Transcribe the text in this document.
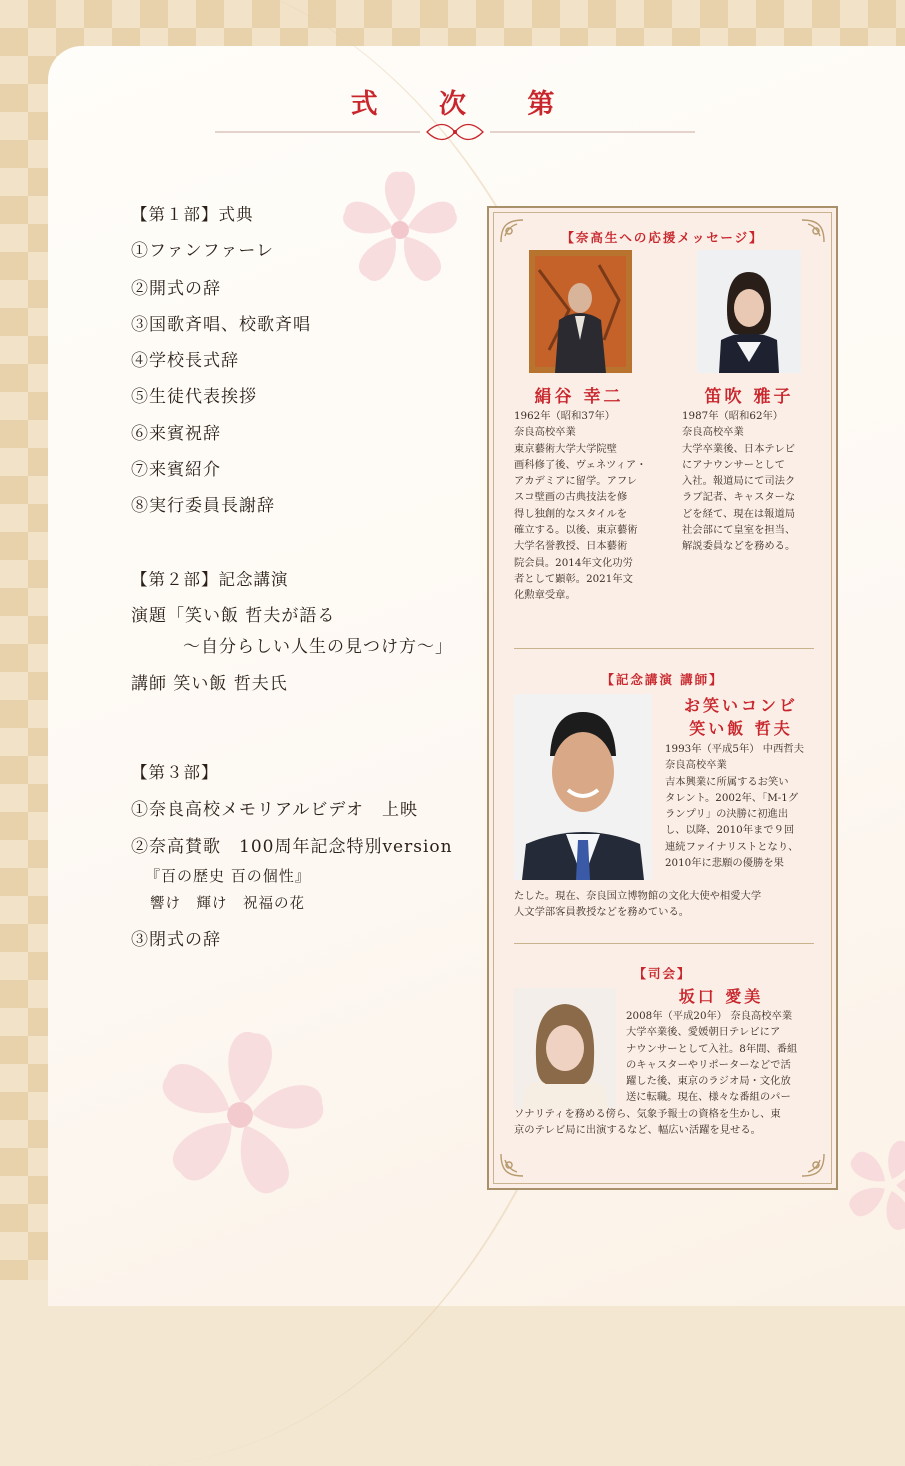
式 次 第
【第１部】式典
①ファンファーレ
②開式の辞
③国歌斉唱、校歌斉唱
④学校長式辞
⑤生徒代表挨拶
⑥来賓祝辞
⑦来賓紹介
⑧実行委員長謝辞
【第２部】記念講演
演題「笑い飯 哲夫が語る
～自分らしい人生の見つけ方～」
講師 笑い飯 哲夫氏
【第３部】
①奈良高校メモリアルビデオ　上映
②奈高賛歌　100周年記念特別version
『百の歴史 百の個性』
響け　輝け　祝福の花
③閉式の辞
【奈高生への応援メッセージ】
絹谷 幸二	笛吹 雅子
1962年（昭和37年）
奈良高校卒業
東京藝術大学大学院壁
画科修了後、ヴェネツィア・
アカデミアに留学。アフレ
スコ壁画の古典技法を修
得し独創的なスタイルを
確立する。以後、東京藝術
大学名誉教授、日本藝術
院会員。2014年文化功労
者として顕彰。2021年文
化勲章受章。
1987年（昭和62年）
奈良高校卒業
大学卒業後、日本テレビ
にアナウンサーとして
入社。報道局にて司法ク
ラブ記者、キャスターな
どを経て、現在は報道局
社会部にて皇室を担当、
解説委員などを務める。
【記念講演 講師】
お笑いコンビ
笑い飯 哲夫
1993年（平成5年） 中西哲夫
奈良高校卒業
吉本興業に所属するお笑い
タレント。2002年、「M-1グ
ランプリ」の決勝に初進出
し、以降、2010年まで９回
連続ファイナリストとなり、
2010年に悲願の優勝を果
たした。現在、奈良国立博物館の文化大使や相愛大学
人文学部客員教授などを務めている。
【司会】
坂口 愛美
2008年（平成20年） 奈良高校卒業
大学卒業後、愛媛朝日テレビにア
ナウンサーとして入社。8年間、番組
のキャスターやリポーターなどで活
躍した後、東京のラジオ局・文化放
送に転職。現在、様々な番組のパー
ソナリティを務める傍ら、気象予報士の資格を生かし、東
京のテレビ局に出演するなど、幅広い活躍を見せる。
